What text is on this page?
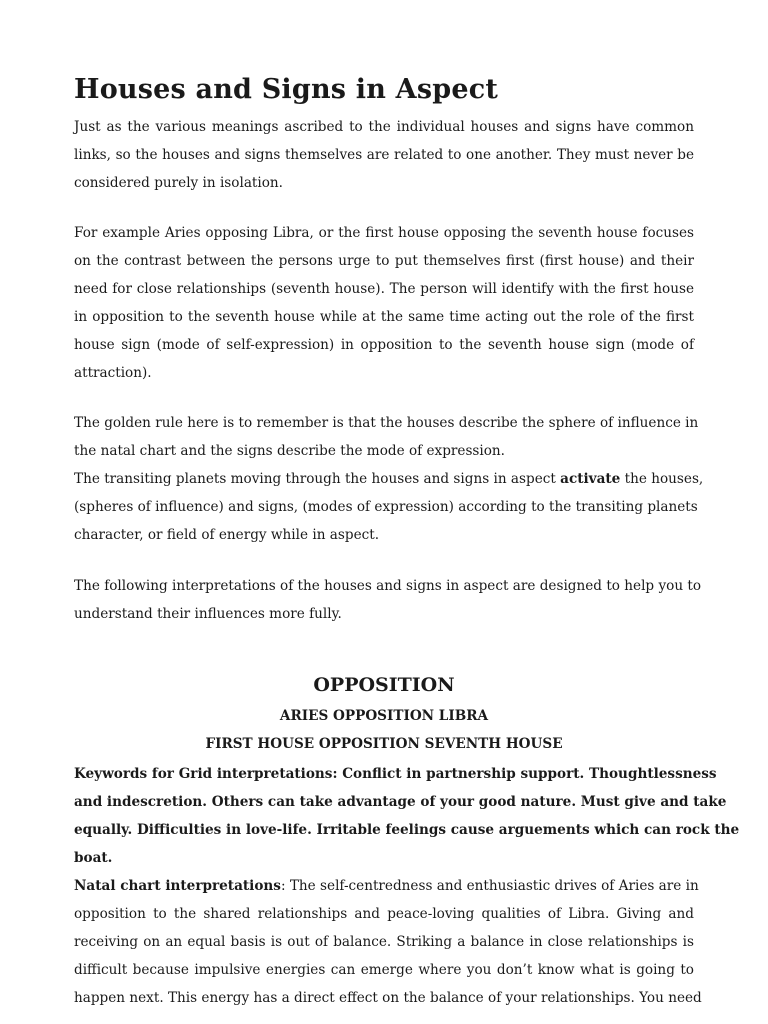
Houses and Signs in Aspect
Just as the various meanings ascribed to the individual houses and signs have common
links, so the houses and signs themselves are related to one another. They must never be
considered purely in isolation.
For example Aries opposing Libra, or the first house opposing the seventh house focuses
on the contrast between the persons urge to put themselves first (first house) and their
need for close relationships (seventh house). The person will identify with the first house
in opposition to the seventh house while at the same time acting out the role of the first
house sign (mode of self-expression) in opposition to the seventh house sign (mode of
attraction).
The golden rule here is to remember is that the houses describe the sphere of influence in
the natal chart and the signs describe the mode of expression.
The transiting planets moving through the houses and signs in aspect activate the houses,
(spheres of influence) and signs, (modes of expression) according to the transiting planets
character, or field of energy while in aspect.
The following interpretations of the houses and signs in aspect are designed to help you to
understand their influences more fully.
OPPOSITION
ARIES OPPOSITION LIBRA
FIRST HOUSE OPPOSITION SEVENTH HOUSE
Keywords for Grid interpretations: Conflict in partnership support. Thoughtlessness
and indescretion. Others can take advantage of your good nature. Must give and take
equally. Difficulties in love-life. Irritable feelings cause arguements which can rock the
boat.
Natal chart interpretations: The self-centredness and enthusiastic drives of Aries are in
opposition to the shared relationships and peace-loving qualities of Libra. Giving and
receiving on an equal basis is out of balance. Striking a balance in close relationships is
difficult because impulsive energies can emerge where you don’t know what is going to
happen next. This energy has a direct effect on the balance of your relationships. You need
